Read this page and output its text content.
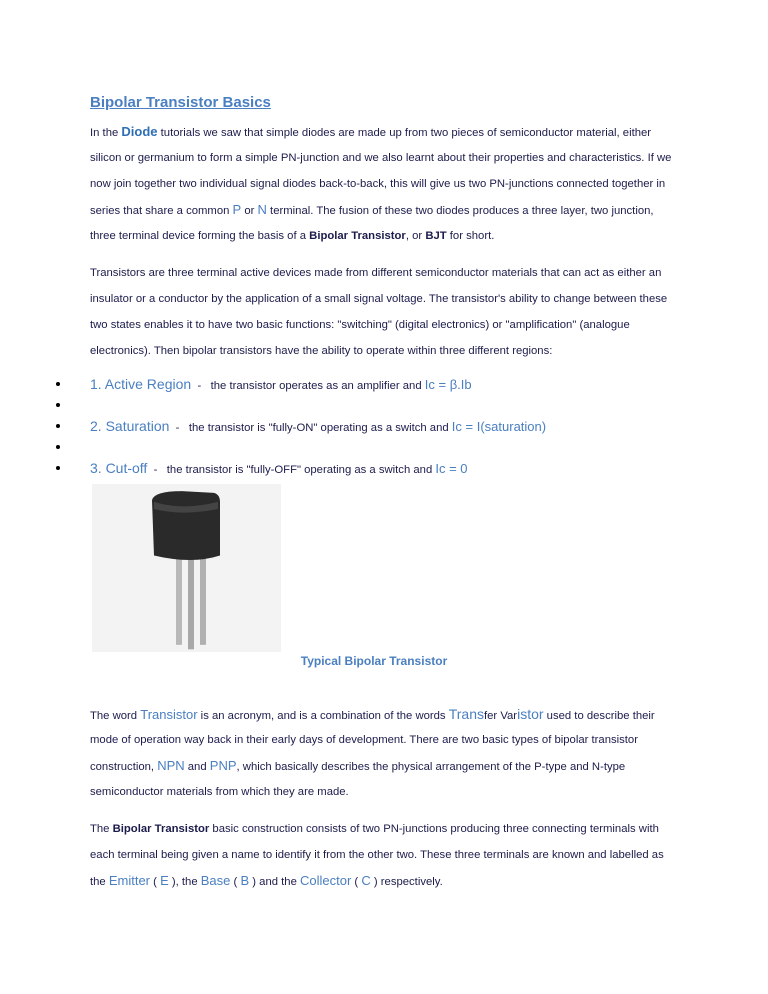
Bipolar Transistor Basics
In the Diode tutorials we saw that simple diodes are made up from two pieces of semiconductor material, either
silicon or germanium to form a simple PN-junction and we also learnt about their properties and characteristics. If we
now join together two individual signal diodes back-to-back, this will give us two PN-junctions connected together in
series that share a common P or N terminal. The fusion of these two diodes produces a three layer, two junction,
three terminal device forming the basis of a Bipolar Transistor, or BJT for short.
Transistors are three terminal active devices made from different semiconductor materials that can act as either an
insulator or a conductor by the application of a small signal voltage. The transistor's ability to change between these
two states enables it to have two basic functions: "switching" (digital electronics) or "amplification" (analogue
electronics). Then bipolar transistors have the ability to operate within three different regions:
The word Transistor is an acronym, and is a combination of the words Transfer Varistor used to describe their
mode of operation way back in their early days of development. There are two basic types of bipolar transistor
construction, NPN and PNP, which basically describes the physical arrangement of the P-type and N-type
semiconductor materials from which they are made.
The Bipolar Transistor basic construction consists of two PN-junctions producing three connecting terminals with
each terminal being given a name to identify it from the other two. These three terminals are known and labelled as
the Emitter ( E ), the Base ( B ) and the Collector ( C ) respectively.
1. Active Region  -   the transistor operates as an amplifier and Ic = β.Ib
2. Saturation  -   the transistor is "fully-ON" operating as a switch and Ic = I(saturation)
3. Cut-off  -   the transistor is "fully-OFF" operating as a switch and Ic = 0
Typical Bipolar Transistor
